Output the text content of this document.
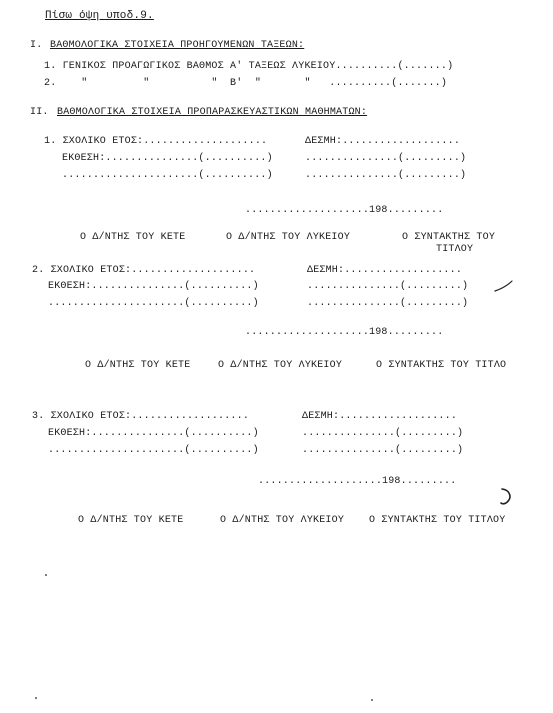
Πίσω όψη υποδ.9.
I. ΒΑΘΜΟΛΟΓΙΚΑ ΣΤΟΙΧΕΙΑ ΠΡΟΗΓΟΥΜΕΝΩΝ ΤΑΞΕΩΝ:
1. ΓΕΝΙΚΟΣ ΠΡΟΑΓΩΓΙΚΟΣ ΒΑΘΜΟΣ Α' ΤΑΞΕΩΣ ΛΥΚΕΙΟΥ..........(.......)
2.    "         "          "  Β'  "       "   ..........(.......)
II. ΒΑΘΜΟΛΟΓΙΚΑ ΣΤΟΙΧΕΙΑ ΠΡΟΠΑΡΑΣΚΕΥΑΣΤΙΚΩΝ ΜΑΘΗΜΑΤΩΝ:
1. ΣΧΟΛΙΚΟ ΕΤΟΣ:....................	ΔΕΣΜΗ:...................
ΕΚΘΕΣΗ:...............(..........)	...............(.........)
......................(..........)	...............(.........)
....................198.........
Ο Δ/ΝΤΗΣ ΤΟΥ ΚΕΤΕ	Ο Δ/ΝΤΗΣ ΤΟΥ ΛΥΚΕΙΟΥ	Ο ΣΥΝΤΑΚΤΗΣ ΤΟΥ
ΤΙΤΛΟΥ
2. ΣΧΟΛΙΚΟ ΕΤΟΣ:....................	ΔΕΣΜΗ:...................
ΕΚΘΕΣΗ:...............(..........)	...............(.........)
......................(..........)	...............(.........)
....................198.........
Ο Δ/ΝΤΗΣ ΤΟΥ ΚΕΤΕ	Ο Δ/ΝΤΗΣ ΤΟΥ ΛΥΚΕΙΟΥ	Ο ΣΥΝΤΑΚΤΗΣ ΤΟΥ ΤΙΤΛΟ
3. ΣΧΟΛΙΚΟ ΕΤΟΣ:...................	ΔΕΣΜΗ:...................
ΕΚΘΕΣΗ:...............(..........)	...............(.........)
......................(..........)	...............(.........)
....................198.........
Ο Δ/ΝΤΗΣ ΤΟΥ ΚΕΤΕ	Ο Δ/ΝΤΗΣ ΤΟΥ ΛΥΚΕΙΟΥ Ο ΣΥΝΤΑΚΤΗΣ ΤΟΥ ΤΙΤΛΟΥ
